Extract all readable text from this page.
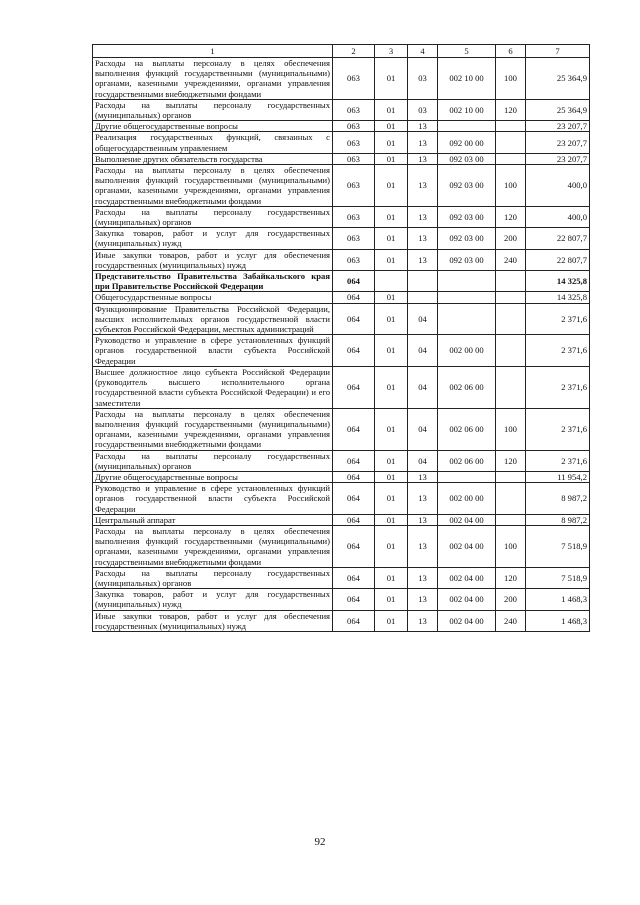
1	2	3	4	5	6	7
Расходы на выплаты персоналу в целях обеспечения выполнения функций государственными (муниципальными) органами, казенными учреждениями, органами управления государственными внебюджетными фондами	063	01	03	002 10 00	100	25 364,9
Расходы на выплаты персоналу государственных (муниципальных) органов	063	01	03	002 10 00	120	25 364,9
Другие общегосударственные вопросы	063	01	13			23 207,7
Реализация государственных функций, связанных с общегосударственным управлением	063	01	13	092 00 00		23 207,7
Выполнение других обязательств государства	063	01	13	092 03 00		23 207,7
Расходы на выплаты персоналу в целях обеспечения выполнения функций государственными (муниципальными) органами, казенными учреждениями, органами управления государственными внебюджетными фондами	063	01	13	092 03 00	100	400,0
Расходы на выплаты персоналу государственных (муниципальных) органов	063	01	13	092 03 00	120	400,0
Закупка товаров, работ и услуг для государственных (муниципальных) нужд	063	01	13	092 03 00	200	22 807,7
Иные закупки товаров, работ и услуг для обеспечения государственных (муниципальных) нужд	063	01	13	092 03 00	240	22 807,7
Представительство Правительства Забайкальского края при Правительстве Российской Федерации	064					14 325,8
Общегосударственные вопросы	064	01				14 325,8
Функционирование Правительства Российской Федерации, высших исполнительных органов государственной власти субъектов Российской Федерации, местных администраций	064	01	04			2 371,6
Руководство и управление в сфере установленных функций органов государственной власти субъекта Российской Федерации	064	01	04	002 00 00		2 371,6
Высшее должностное лицо субъекта Российской Федерации (руководитель высшего исполнительного органа государственной власти субъекта Российской Федерации) и его заместители	064	01	04	002 06 00		2 371,6
Расходы на выплаты персоналу в целях обеспечения выполнения функций государственными (муниципальными) органами, казенными учреждениями, органами управления государственными внебюджетными фондами	064	01	04	002 06 00	100	2 371,6
Расходы на выплаты персоналу государственных (муниципальных) органов	064	01	04	002 06 00	120	2 371,6
Другие общегосударственные вопросы	064	01	13			11 954,2
Руководство и управление в сфере установленных функций органов государственной власти субъекта Российской Федерации	064	01	13	002 00 00		8 987,2
Центральный аппарат	064	01	13	002 04 00		8 987,2
Расходы на выплаты персоналу в целях обеспечения выполнения функций государственными (муниципальными) органами, казенными учреждениями, органами управления государственными внебюджетными фондами	064	01	13	002 04 00	100	7 518,9
Расходы на выплаты персоналу государственных (муниципальных) органов	064	01	13	002 04 00	120	7 518,9
Закупка товаров, работ и услуг для государственных (муниципальных) нужд	064	01	13	002 04 00	200	1 468,3
Иные закупки товаров, работ и услуг для обеспечения государственных (муниципальных) нужд	064	01	13	002 04 00	240	1 468,3
92
